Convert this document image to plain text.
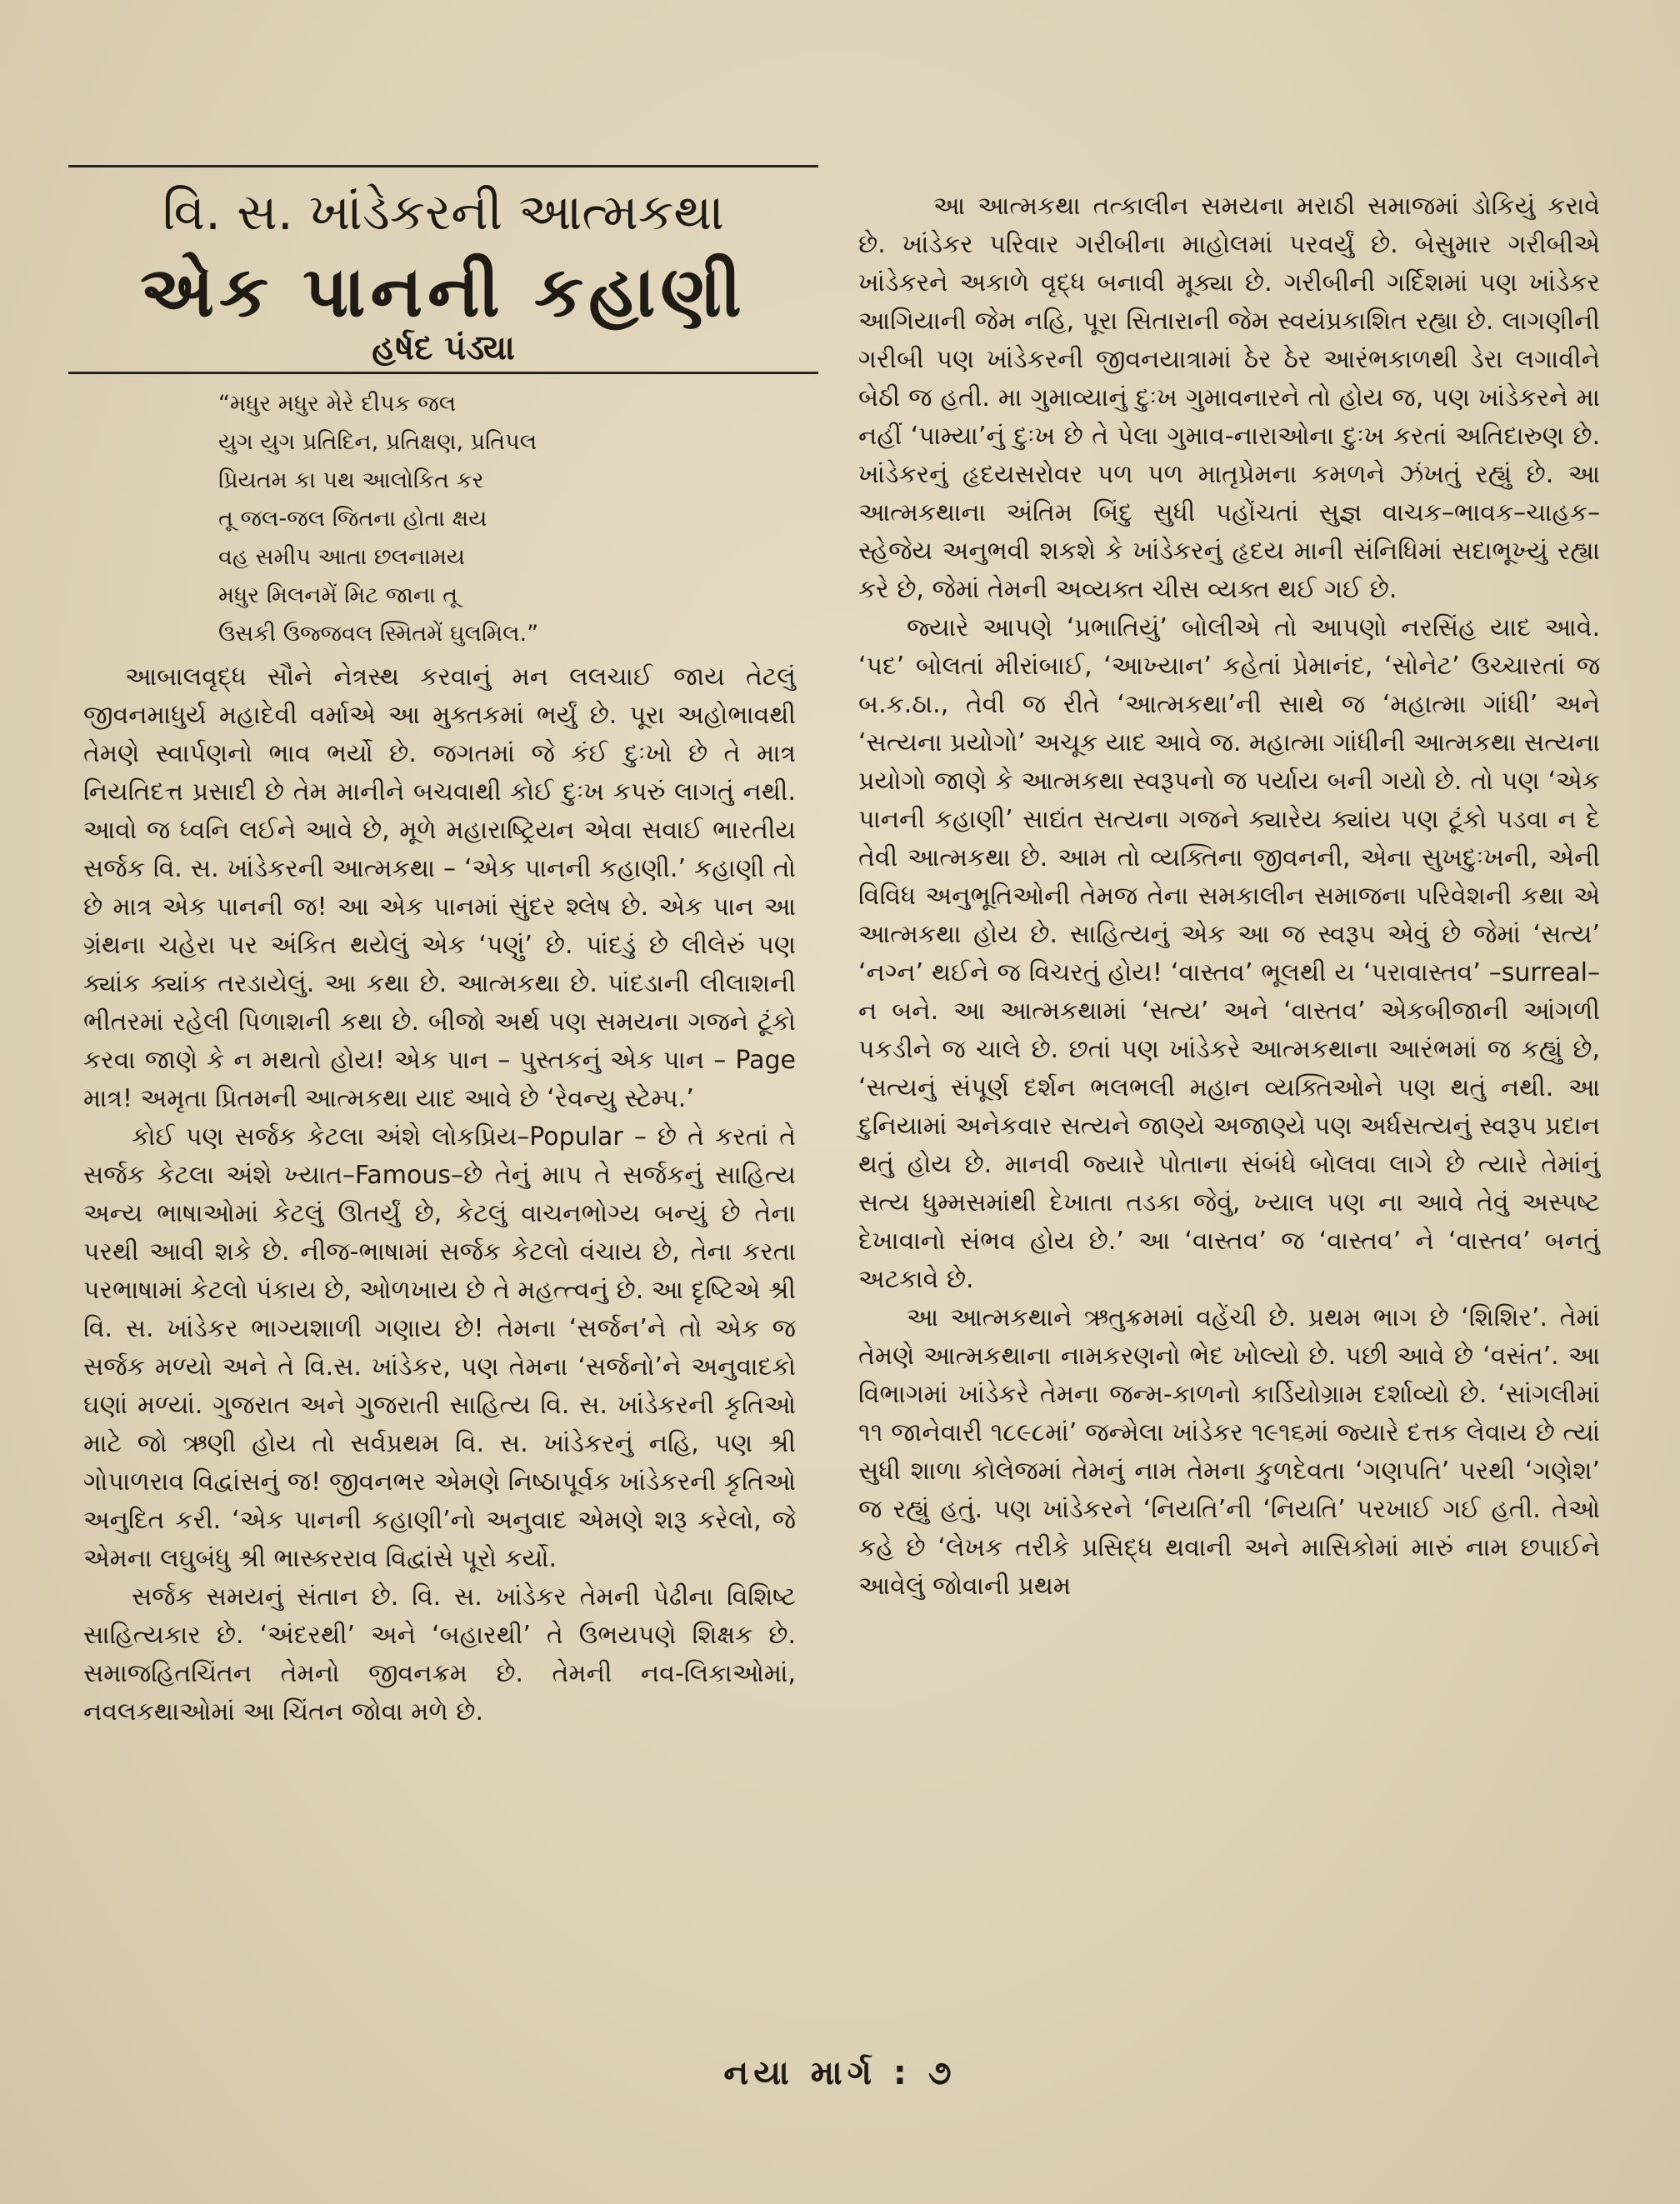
વિ. સ. ખાંડેકરની આત્મકથા
એક પાનની કહાણી
હર્ષદ પંડ્યા
“મધુર મધુર મેરે દીપક જલ
યુગ યુગ પ્રતિદિન, પ્રતિક્ષણ, પ્રતિપલ
પ્રિયતમ કા પથ આલોકિત કર
તૂ જલ-જલ જિતના હોતા ક્ષય
વહ સમીપ આતા છલનામય
મધુર મિલનમેં મિટ જાના તૂ
ઉસકી ઉજ્જવલ સ્મિતમેં ઘુલમિલ.”

આબાલવૃદ્ધ સૌને નેત્રસ્થ કરવાનું મન લલચાઈ જાય તેટલું જીવનમાધુર્ય મહાદેવી વર્માએ આ મુક્તકમાં ભર્યું છે. પૂરા અહોભાવથી તેમણે સ્વાર્પણનો ભાવ ભર્યો છે. જગતમાં જે કંઈ દુઃખો છે તે માત્ર નિયતિદત્ત પ્રસાદી છે તેમ માનીને બચવાથી કોઈ દુઃખ કપરું લાગતું નથી. આવો જ ધ્વનિ લઈને આવે છે, મૂળે મહારાષ્ટ્રિયન એવા સવાઈ ભારતીય સર્જક વિ. સ. ખાંડેકરની આત્મકથા – ‘એક પાનની કહાણી.’ કહાણી તો છે માત્ર એક પાનની જ! આ એક પાનમાં સુંદર શ્લેષ છે. એક પાન આ ગ્રંથના ચહેરા પર અંકિત થયેલું એક ‘પણું’ છે. પાંદડું છે લીલેરું પણ ક્યાંક ક્યાંક તરડાયેલું. આ કથા છે. આત્મકથા છે. પાંદડાની લીલાશની ભીતરમાં રહેલી પિળાશની કથા છે. બીજો અર્થ પણ સમયના ગજને ટૂંકો કરવા જાણે કે ન મથતો હોય! એક પાન – પુસ્તકનું એક પાન – Page માત્ર! અમૃતા પ્રિતમની આત્મકથા યાદ આવે છે ‘રેવન્યુ સ્ટેમ્પ.’

કોઈ પણ સર્જક કેટલા અંશે લોકપ્રિય–Popular – છે તે કરતાં તે સર્જક કેટલા અંશે ખ્યાત–Famous–છે તેનું માપ તે સર્જકનું સાહિત્ય અન્ય ભાષાઓમાં કેટલું ઊતર્યું છે, કેટલું વાચનભોગ્ય બન્યું છે તેના પરથી આવી શકે છે. નીજ-ભાષામાં સર્જક કેટલો વંચાય છે, તેના કરતા પરભાષામાં કેટલો પંકાય છે, ઓળખાય છે તે મહત્ત્વનું છે. આ દૃષ્ટિએ શ્રી વિ. સ. ખાંડેકર ભાગ્યશાળી ગણાય છે! તેમના ‘સર્જન’ને તો એક જ સર્જક મળ્યો અને તે વિ.સ. ખાંડેકર, પણ તેમના ‘સર્જનો’ને અનુવાદકો ઘણાં મળ્યાં. ગુજરાત અને ગુજરાતી સાહિત્ય વિ. સ. ખાંડેકરની કૃતિઓ માટે જો ઋણી હોય તો સર્વપ્રથમ વિ. સ. ખાંડેકરનું નહિ, પણ શ્રી ગોપાળરાવ વિદ્વાંસનું જ! જીવનભર એમણે નિષ્ઠાપૂર્વક ખાંડેકરની કૃતિઓ અનુદિત કરી. ‘એક પાનની કહાણી’નો અનુવાદ એમણે શરૂ કરેલો, જે એમના લઘુબંધુ શ્રી ભાસ્કરરાવ વિદ્વાંસે પૂરો કર્યો.

સર્જક સમયનું સંતાન છે. વિ. સ. ખાંડેકર તેમની પેઢીના વિશિષ્ટ સાહિત્યકાર છે. ‘અંદરથી’ અને ‘બહારથી’ તે ઉભયપણે શિક્ષક છે. સમાજહિતચિંતન તેમનો જીવનક્રમ છે. તેમની નવ-લિકાઓમાં, નવલકથાઓમાં આ ચિંતન જોવા મળે છે.

આ આત્મકથા તત્કાલીન સમયના મરાઠી સમાજમાં ડોકિયું કરાવે છે. ખાંડેકર પરિવાર ગરીબીના માહોલમાં પરવર્યું છે. બેસુમાર ગરીબીએ ખાંડેકરને અકાળે વૃદ્ધ બનાવી મૂક્યા છે. ગરીબીની ગર્દિશમાં પણ ખાંડેકર આગિયાની જેમ નહિ, પૂરા સિતારાની જેમ સ્વયંપ્રકાશિત રહ્યા છે. લાગણીની ગરીબી પણ ખાંડેકરની જીવનયાત્રામાં ઠેર ઠેર આરંભકાળથી ડેરા લગાવીને બેઠી જ હતી. મા ગુમાવ્યાનું દુઃખ ગુમાવનારને તો હોય જ, પણ ખાંડેકરને મા નહીં ‘પામ્યા’નું દુઃખ છે તે પેલા ગુમાવ-નારાઓના દુઃખ કરતાં અતિદારુણ છે. ખાંડેકરનું હૃદયસરોવર પળ પળ માતૃપ્રેમના કમળને ઝંખતું રહ્યું છે. આ આત્મકથાના અંતિમ બિંદુ સુધી પહોંચતાં સુજ્ઞ વાચક–ભાવક–ચાહક–સ્હેજેય અનુભવી શકશે કે ખાંડેકરનું હૃદય માની સંનિધિમાં સદાભૂખ્યું રહ્યા કરે છે, જેમાં તેમની અવ્યક્ત ચીસ વ્યક્ત થઈ ગઈ છે.

જ્યારે આપણે ‘પ્રભાતિયું’ બોલીએ તો આપણો નરસિંહ યાદ આવે. ‘પદ’ બોલતાં મીરાંબાઈ, ‘આખ્યાન’ કહેતાં પ્રેમાનંદ, ‘સોનેટ’ ઉચ્ચારતાં જ બ.ક.ઠા., તેવી જ રીતે ‘આત્મકથા’ની સાથે જ ‘મહાત્મા ગાંધી’ અને ‘સત્યના પ્રયોગો’ અચૂક યાદ આવે જ. મહાત્મા ગાંધીની આત્મકથા સત્યના પ્રયોગો જાણે કે આત્મકથા સ્વરૂપનો જ પર્યાય બની ગયો છે. તો પણ ‘એક પાનની કહાણી’ સાદ્યંત સત્યના ગજને ક્યારેય ક્યાંય પણ ટૂંકો પડવા ન દે તેવી આત્મકથા છે. આમ તો વ્યક્તિના જીવનની, એના સુખદુઃખની, એની વિવિધ અનુભૂતિઓની તેમજ તેના સમકાલીન સમાજના પરિવેશની કથા એ આત્મકથા હોય છે. સાહિત્યનું એક આ જ સ્વરૂપ એવું છે જેમાં ‘સત્ય’ ‘નગ્ન’ થઈને જ વિચરતું હોય! ‘વાસ્તવ’ ભૂલથી ય ‘પરાવાસ્તવ’ –surreal–ન બને. આ આત્મકથામાં ‘સત્ય’ અને ‘વાસ્તવ’ એકબીજાની આંગળી પકડીને જ ચાલે છે. છતાં પણ ખાંડેકરે આત્મકથાના આરંભમાં જ કહ્યું છે, ‘સત્યનું સંપૂર્ણ દર્શન ભલભલી મહાન વ્યક્તિઓને પણ થતું નથી. આ દુનિયામાં અનેકવાર સત્યને જાણ્યે અજાણ્યે પણ અર્ધસત્યનું સ્વરૂપ પ્રદાન થતું હોય છે. માનવી જ્યારે પોતાના સંબંધે બોલવા લાગે છે ત્યારે તેમાંનું સત્ય ધુમ્મસમાંથી દેખાતા તડકા જેવું, ખ્યાલ પણ ના આવે તેવું અસ્પષ્ટ દેખાવાનો સંભવ હોય છે.’ આ ‘વાસ્તવ’ જ ‘વાસ્તવ’ ને ‘વાસ્તવ’ બનતું અટકાવે છે.

આ આત્મકથાને ઋતુક્રમમાં વહેંચી છે. પ્રથમ ભાગ છે ‘શિશિર’. તેમાં તેમણે આત્મકથાના નામકરણનો ભેદ ખોલ્યો છે. પછી આવે છે ‘વસંત’. આ વિભાગમાં ખાંડેકરે તેમના જન્મ-કાળનો કાર્ડિયોગ્રામ દર્શાવ્યો છે. ‘સાંગલીમાં ૧૧ જાનેવારી ૧૮૯૮માં’ જન્મેલા ખાંડેકર ૧૯૧૬માં જ્યારે દત્તક લેવાય છે ત્યાં સુધી શાળા કોલેજમાં તેમનું નામ તેમના કુળદેવતા ‘ગણપતિ’ પરથી ‘ગણેશ’ જ રહ્યું હતું. પણ ખાંડેકરને ‘નિયતિ’ની ‘નિયતિ’ પરખાઈ ગઈ હતી. તેઓ કહે છે ‘લેખક તરીકે પ્રસિદ્ધ થવાની અને માસિકોમાં મારું નામ છપાઈને આવેલું જોવાની પ્રથમ

નયા માર્ગ : ૭
